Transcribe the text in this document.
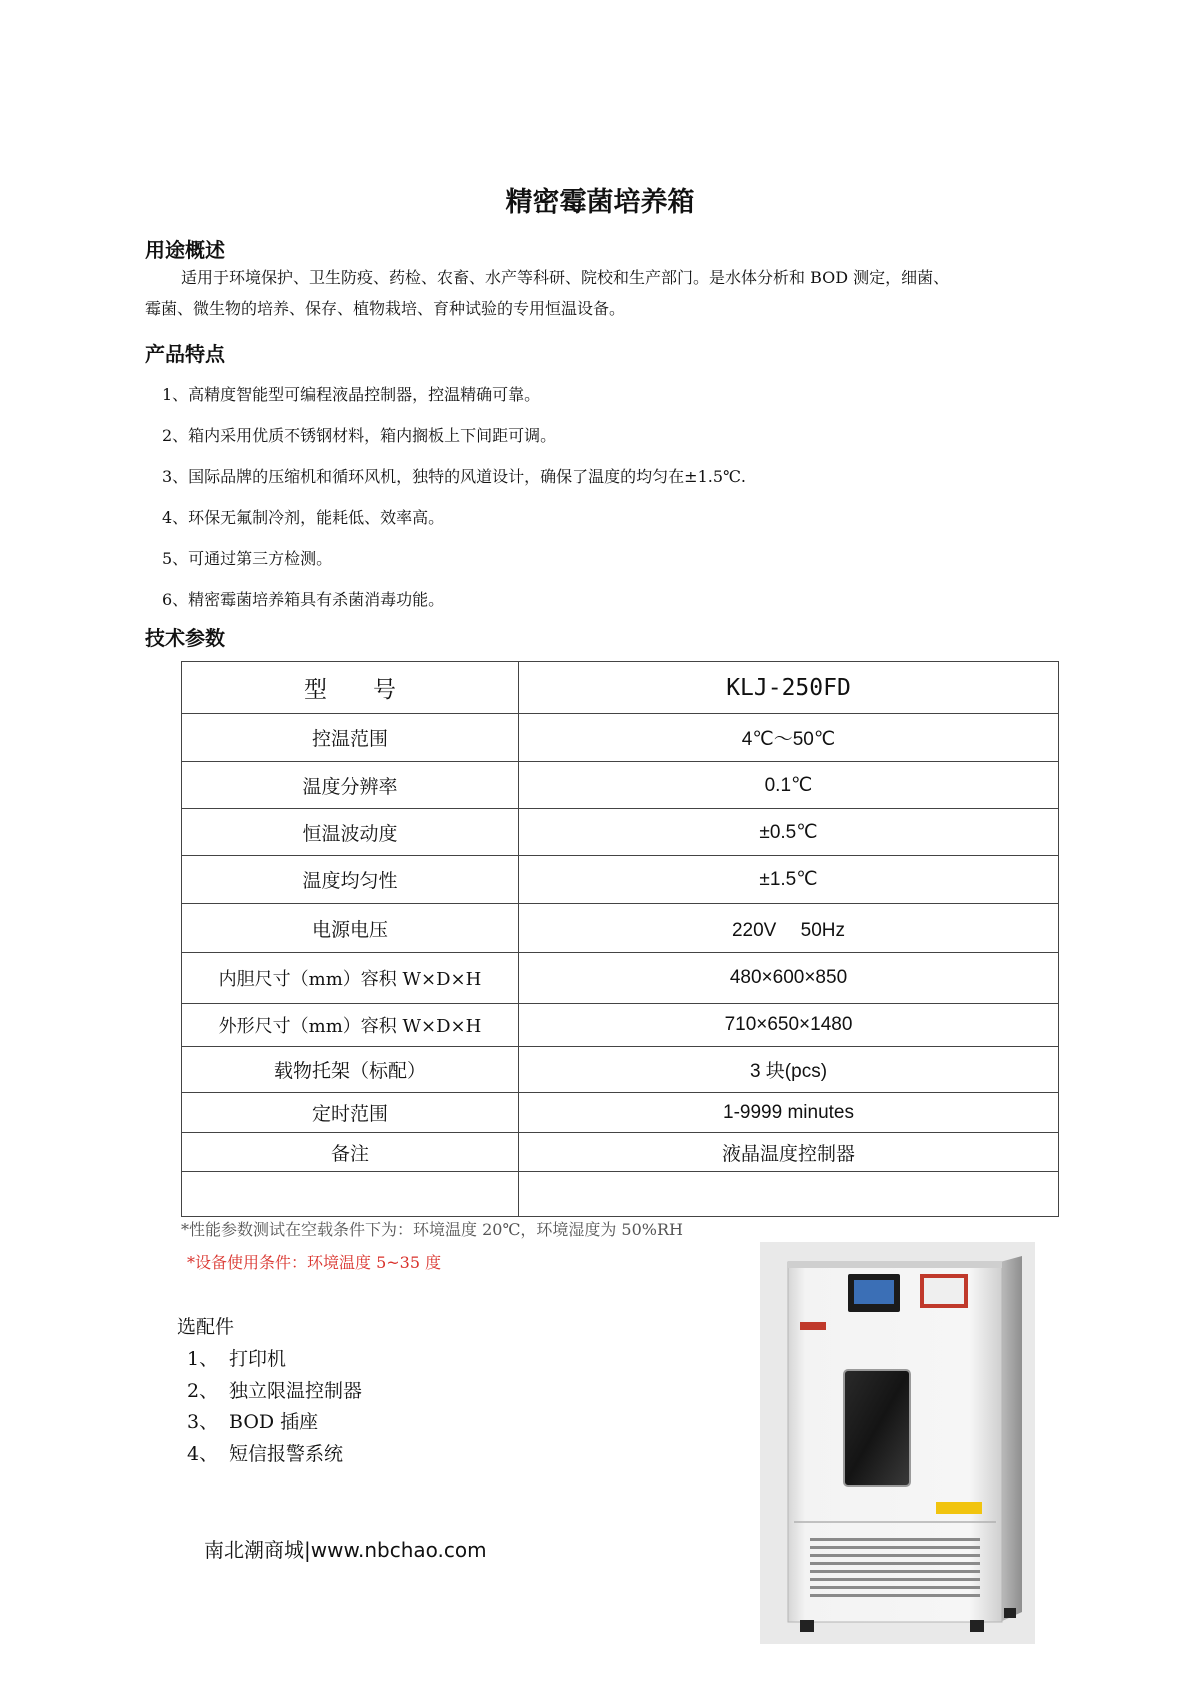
精密霉菌培养箱
用途概述
适用于环境保护、卫生防疫、药检、农畜、水产等科研、院校和生产部门。是水体分析和 BOD 测定，细菌、
霉菌、微生物的培养、保存、植物栽培、育种试验的专用恒温设备。
产品特点
1、高精度智能型可编程液晶控制器，控温精确可靠。
2、箱内采用优质不锈钢材料，箱内搁板上下间距可调。
3、国际品牌的压缩机和循环风机，独特的风道设计，确保了温度的均匀在±1.5℃.
4、环保无氟制冷剂，能耗低、效率高。
5、可通过第三方检测。
6、精密霉菌培养箱具有杀菌消毒功能。
技术参数
型　　号	KLJ-250FD
控温范围	4℃～50℃
温度分辨率	0.1℃
恒温波动度	±0.5℃
温度均匀性	±1.5℃
电源电压	220V　 50Hz
内胆尺寸（mm）容积 W×D×H	480×600×850
外形尺寸（mm）容积 W×D×H	710×650×1480
载物托架（标配）	3 块(pcs)
定时范围	1-9999 minutes
备注	液晶温度控制器

*性能参数测试在空载条件下为：环境温度 20℃，环境湿度为 50%RH
*设备使用条件：环境温度 5~35 度
选配件
1、 打印机
2、 独立限温控制器
3、 BOD 插座
4、 短信报警系统
南北潮商城|www.nbchao.com
